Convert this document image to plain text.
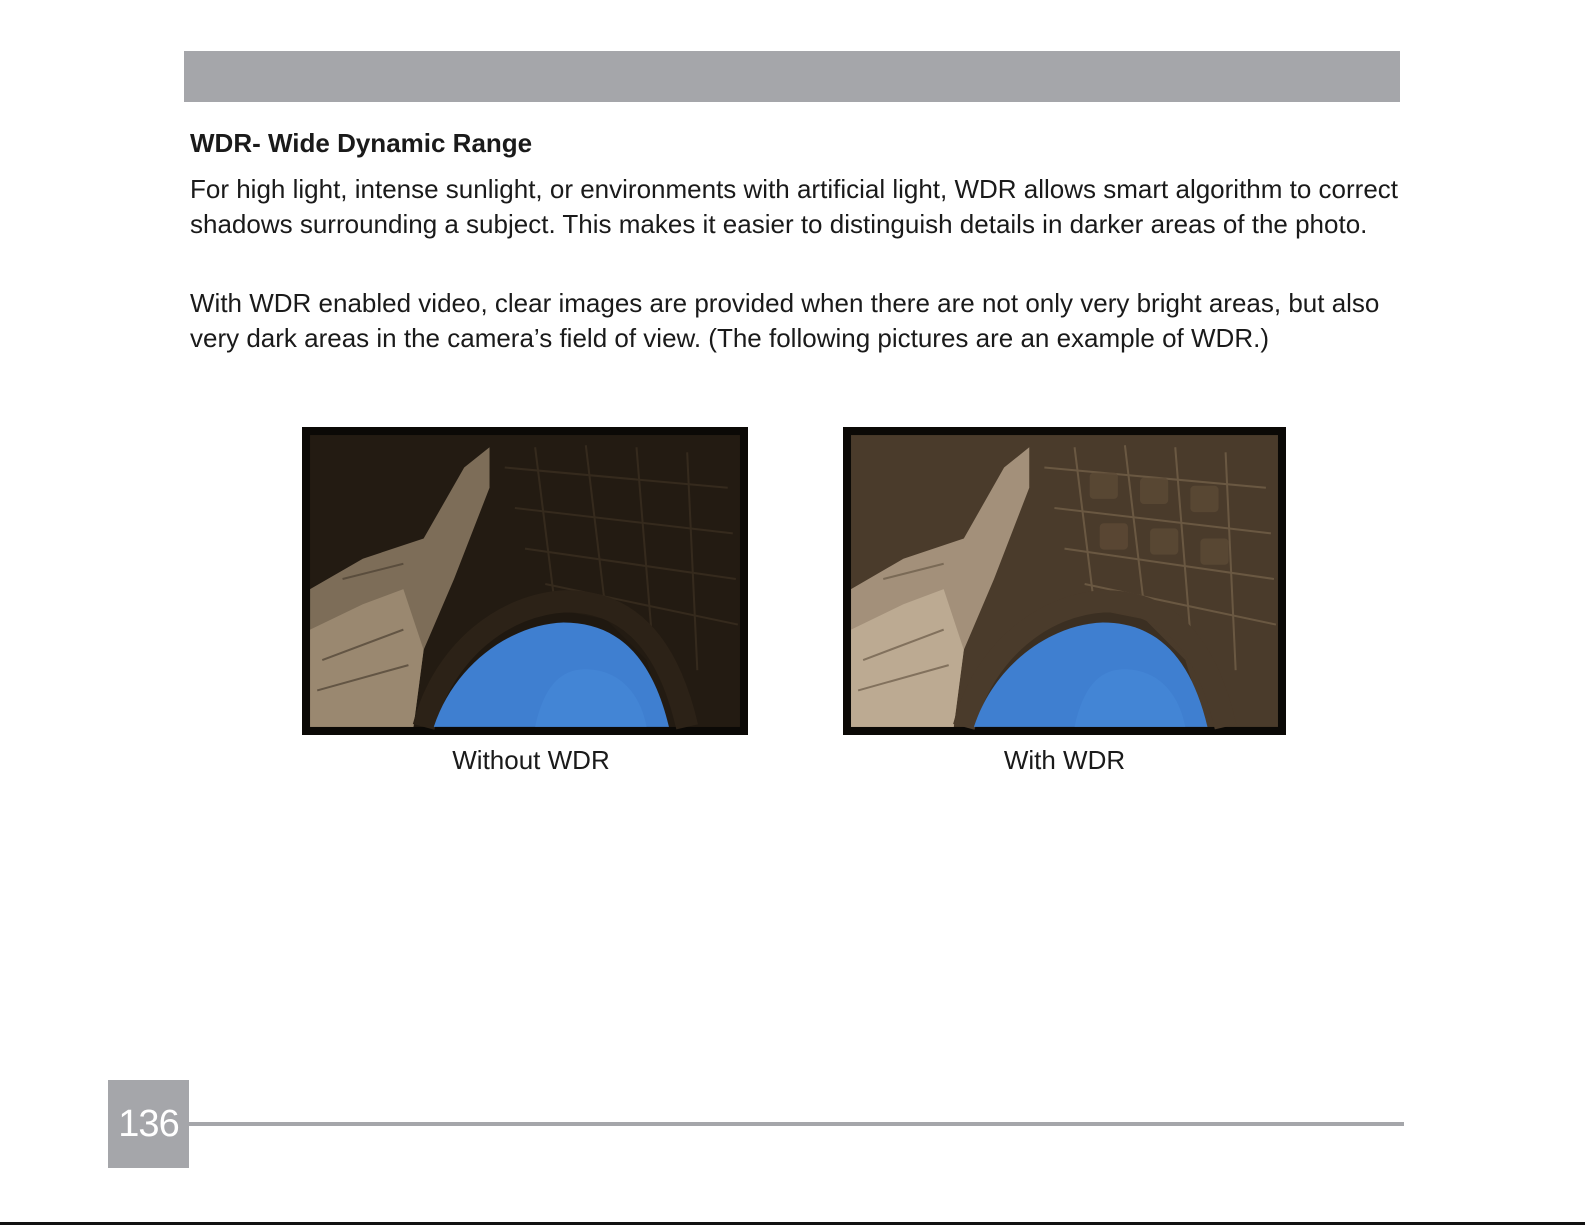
WDR- Wide Dynamic Range

For high light, intense sunlight, or environments with artificial light, WDR allows smart algorithm to correct shadows surrounding a subject. This makes it easier to distinguish details in darker areas of the photo.

With WDR enabled video, clear images are provided when there are not only very bright areas, but also very dark areas in the camera’s field of view. (The following pictures are an example of WDR.)

Without WDR	With WDR
136
